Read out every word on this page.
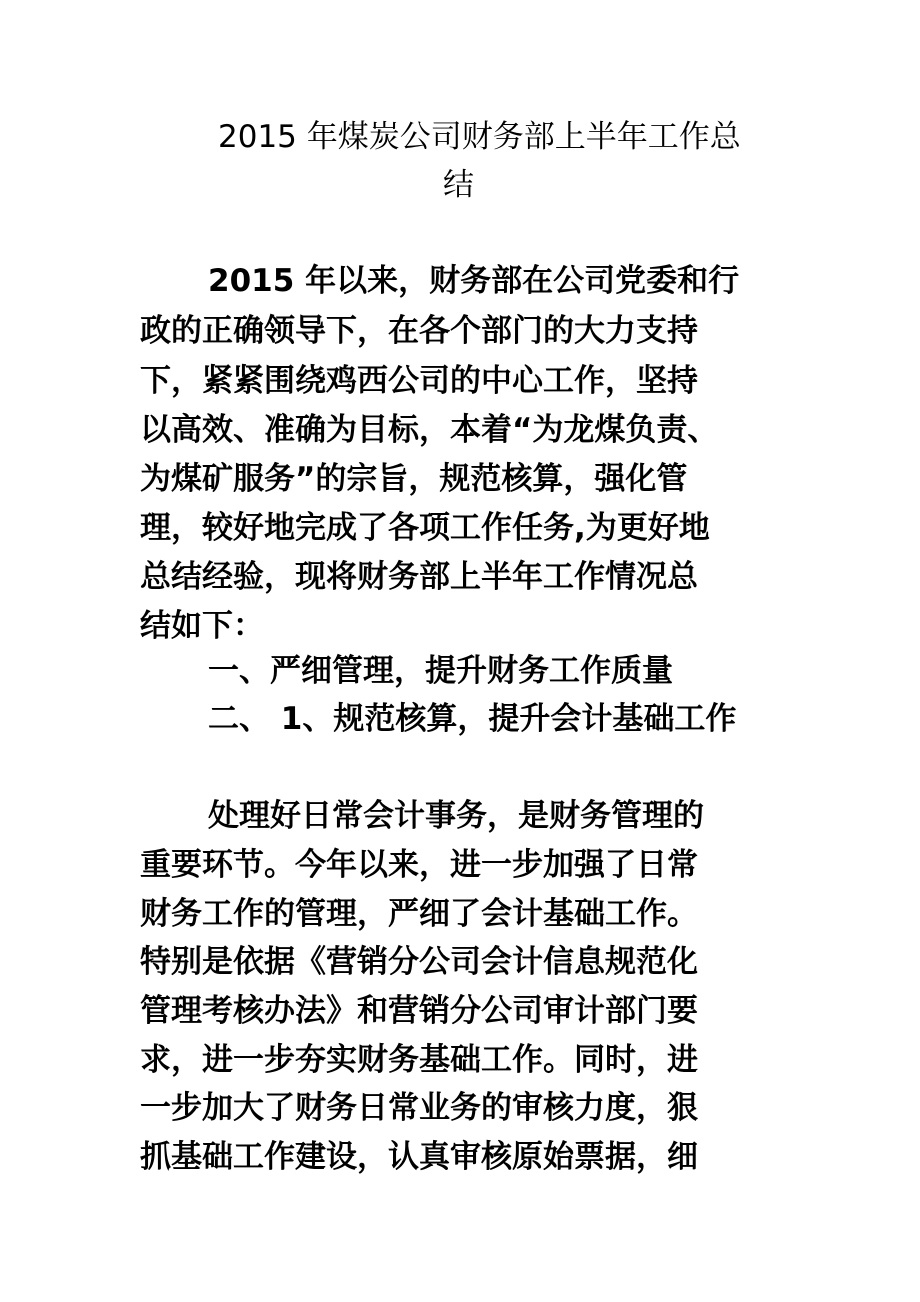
2015 年煤炭公司财务部上半年工作总
结
2015 年以来，财务部在公司党委和行
政的正确领导下，在各个部门的大力支持
下，紧紧围绕鸡西公司的中心工作，坚持
以高效、准确为目标，本着“为龙煤负责、
为煤矿服务”的宗旨，规范核算，强化管
理，较好地完成了各项工作任务,为更好地
总结经验，现将财务部上半年工作情况总
结如下：
一、严细管理，提升财务工作质量
二、 1、规范核算，提升会计基础工作
处理好日常会计事务，是财务管理的
重要环节。今年以来，进一步加强了日常
财务工作的管理，严细了会计基础工作。
特别是依据《营销分公司会计信息规范化
管理考核办法》和营销分公司审计部门要
求，进一步夯实财务基础工作。同时，进
一步加大了财务日常业务的审核力度，狠
抓基础工作建设，认真审核原始票据，细
